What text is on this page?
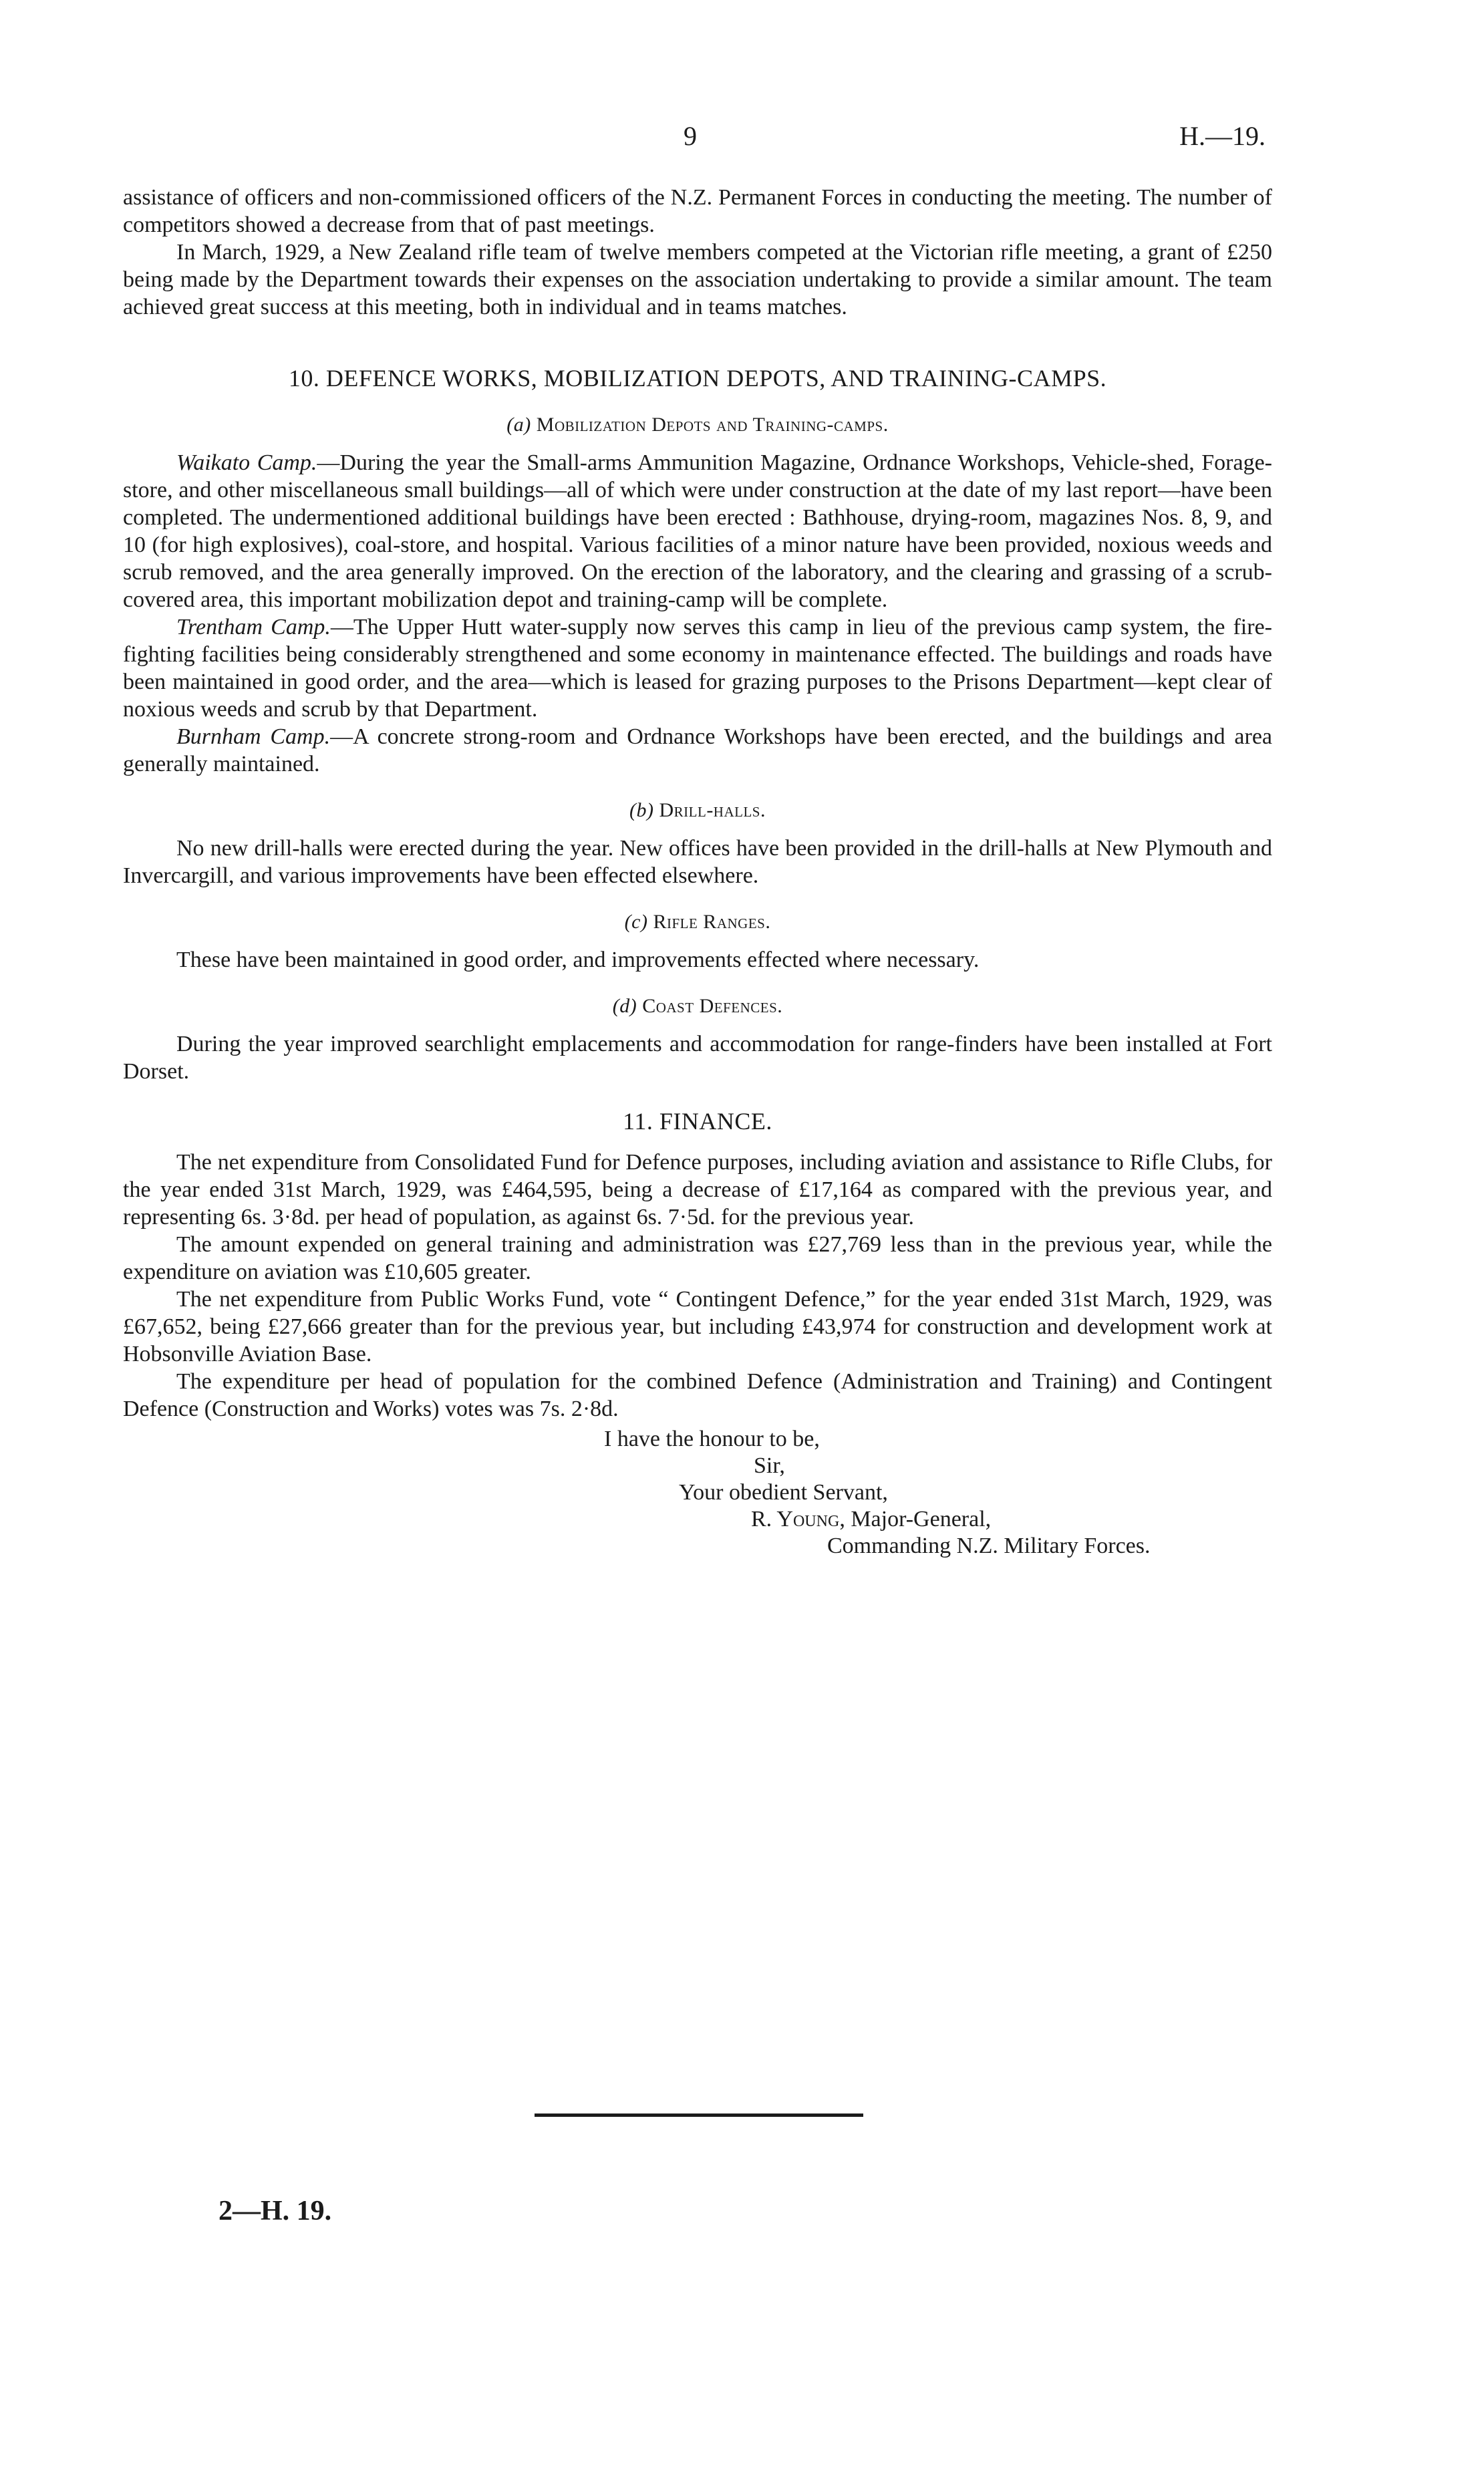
9	H.—19.

assistance of officers and non-commissioned officers of the N.Z. Permanent Forces in conducting the meeting. The number of competitors showed a decrease from that of past meetings.

In March, 1929, a New Zealand rifle team of twelve members competed at the Victorian rifle meeting, a grant of £250 being made by the Department towards their expenses on the association undertaking to provide a similar amount. The team achieved great success at this meeting, both in individual and in teams matches.

10. DEFENCE WORKS, MOBILIZATION DEPOTS, AND TRAINING-CAMPS.
(a) Mobilization Depots and Training-camps.

Waikato Camp.—During the year the Small-arms Ammunition Magazine, Ordnance Workshops, Vehicle-shed, Forage-store, and other miscellaneous small buildings—all of which were under construction at the date of my last report—have been completed. The undermentioned additional buildings have been erected : Bathhouse, drying-room, magazines Nos. 8, 9, and 10 (for high explosives), coal-store, and hospital. Various facilities of a minor nature have been provided, noxious weeds and scrub removed, and the area generally improved. On the erection of the laboratory, and the clearing and grassing of a scrub-covered area, this important mobilization depot and training-camp will be complete.

Trentham Camp.—The Upper Hutt water-supply now serves this camp in lieu of the previous camp system, the fire-fighting facilities being considerably strengthened and some economy in maintenance effected. The buildings and roads have been maintained in good order, and the area—which is leased for grazing purposes to the Prisons Department—kept clear of noxious weeds and scrub by that Department.

Burnham Camp.—A concrete strong-room and Ordnance Workshops have been erected, and the buildings and area generally maintained.

(b) Drill-halls.

No new drill-halls were erected during the year. New offices have been provided in the drill-halls at New Plymouth and Invercargill, and various improvements have been effected elsewhere.

(c) Rifle Ranges.

These have been maintained in good order, and improvements effected where necessary.

(d) Coast Defences.

During the year improved searchlight emplacements and accommodation for range-finders have been installed at Fort Dorset.

11. FINANCE.

The net expenditure from Consolidated Fund for Defence purposes, including aviation and assistance to Rifle Clubs, for the year ended 31st March, 1929, was £464,595, being a decrease of £17,164 as compared with the previous year, and representing 6s. 3·8d. per head of population, as against 6s. 7·5d. for the previous year.

The amount expended on general training and administration was £27,769 less than in the previous year, while the expenditure on aviation was £10,605 greater.

The net expenditure from Public Works Fund, vote “ Contingent Defence,” for the year ended 31st March, 1929, was £67,652, being £27,666 greater than for the previous year, but including £43,974 for construction and development work at Hobsonville Aviation Base.

The expenditure per head of population for the combined Defence (Administration and Training) and Contingent Defence (Construction and Works) votes was 7s. 2·8d.

I have the honour to be,
Sir,
Your obedient Servant,
R. Young, Major-General,
Commanding N.Z. Military Forces.
2—H. 19.
